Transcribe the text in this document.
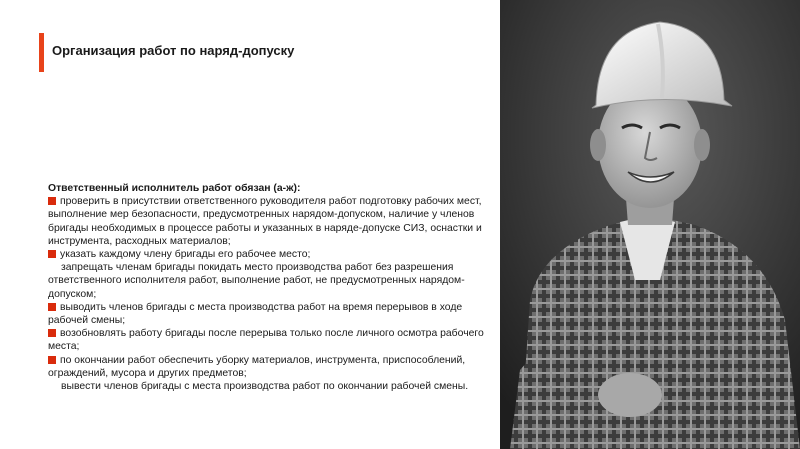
Организация работ по наряд-допуску
Ответственный исполнитель работ обязан (а-ж):
проверить в присутствии ответственного руководителя работ подготовку рабочих мест, выполнение мер безопасности, предусмотренных нарядом-допуском, наличие у членов бригады необходимых в процессе работы и указанных в наряде-допуске СИЗ, оснастки и инструмента, расходных материалов;
указать каждому члену бригады его рабочее место;
запрещать членам бригады покидать место производства работ без разрешения ответственного исполнителя работ, выполнение работ, не предусмотренных нарядом-допуском;
выводить членов бригады с места производства работ на время перерывов в ходе рабочей смены;
возобновлять работу бригады после перерыва только после личного осмотра рабочего места;
по окончании работ обеспечить уборку материалов, инструмента, приспособлений, ограждений, мусора и других предметов;
вывести членов бригады с места производства работ по окончании рабочей смены.
